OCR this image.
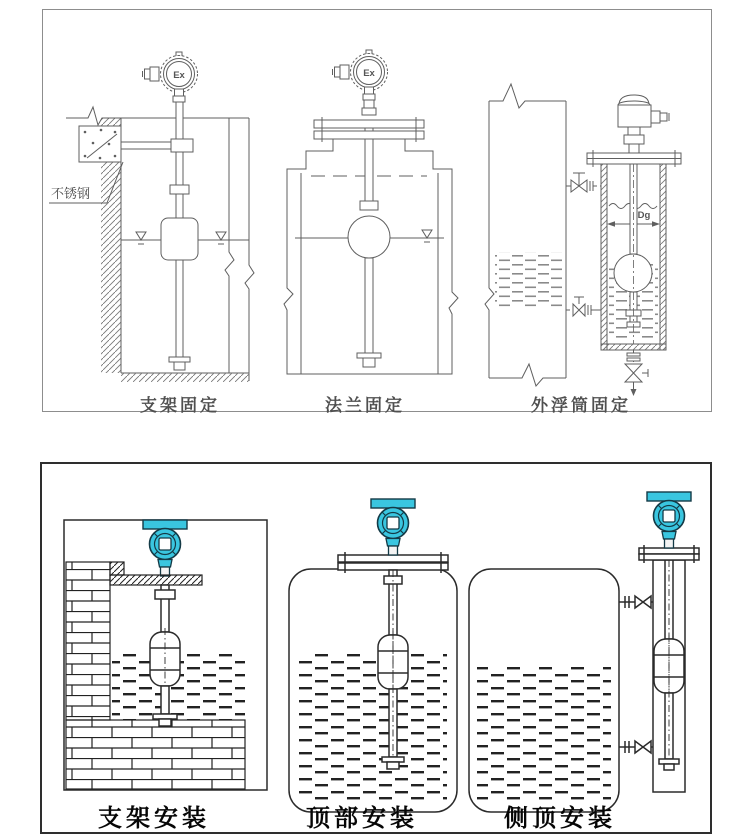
Ex
不锈钢
Ex
Dg
支架固定	法兰固定	外浮筒固定
支架安装	顶部安装	侧顶安装
